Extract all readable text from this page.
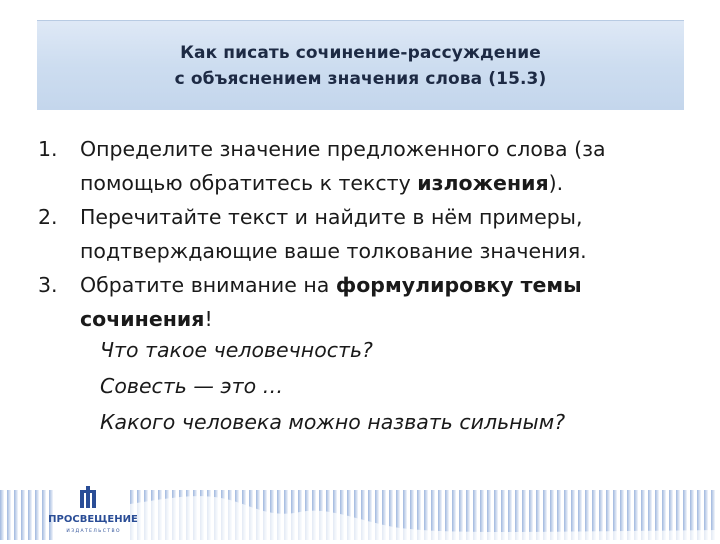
Как писать сочинение-рассуждение
с объяснением значения слова (15.3)
1. Определите значение предложенного слова (за помощью обратитесь к тексту изложения).
2. Перечитайте текст и найдите в нём примеры, подтверждающие ваше толкование значения.
3. Обратите внимание на формулировку темы сочинения!
Что такое человечность?
Совесть — это …
Какого человека можно назвать сильным?
ПРОСВЕЩЕНИЕ
И З Д А Т Е Л Ь С Т В О
